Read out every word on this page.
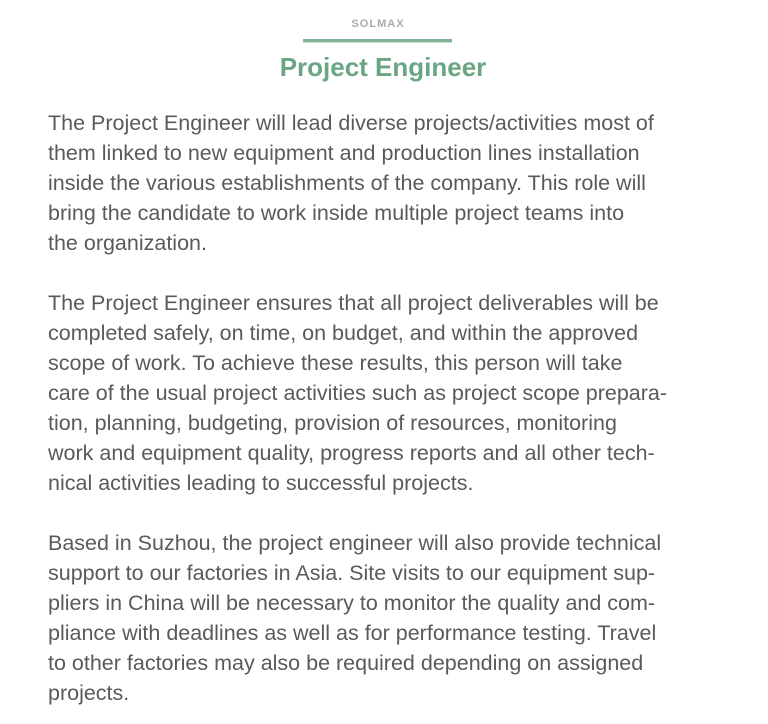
SOLMAX
Project Engineer

The Project Engineer will lead diverse projects/activities most of
them linked to new equipment and production lines installation
inside the various establishments of the company. This role will
bring the candidate to work inside multiple project teams into
the organization.

The Project Engineer ensures that all project deliverables will be
completed safely, on time, on budget, and within the approved
scope of work. To achieve these results, this person will take
care of the usual project activities such as project scope prepara-
tion, planning, budgeting, provision of resources, monitoring
work and equipment quality, progress reports and all other tech-
nical activities leading to successful projects.

Based in Suzhou, the project engineer will also provide technical
support to our factories in Asia. Site visits to our equipment sup-
pliers in China will be necessary to monitor the quality and com-
pliance with deadlines as well as for performance testing. Travel
to other factories may also be required depending on assigned
projects.
